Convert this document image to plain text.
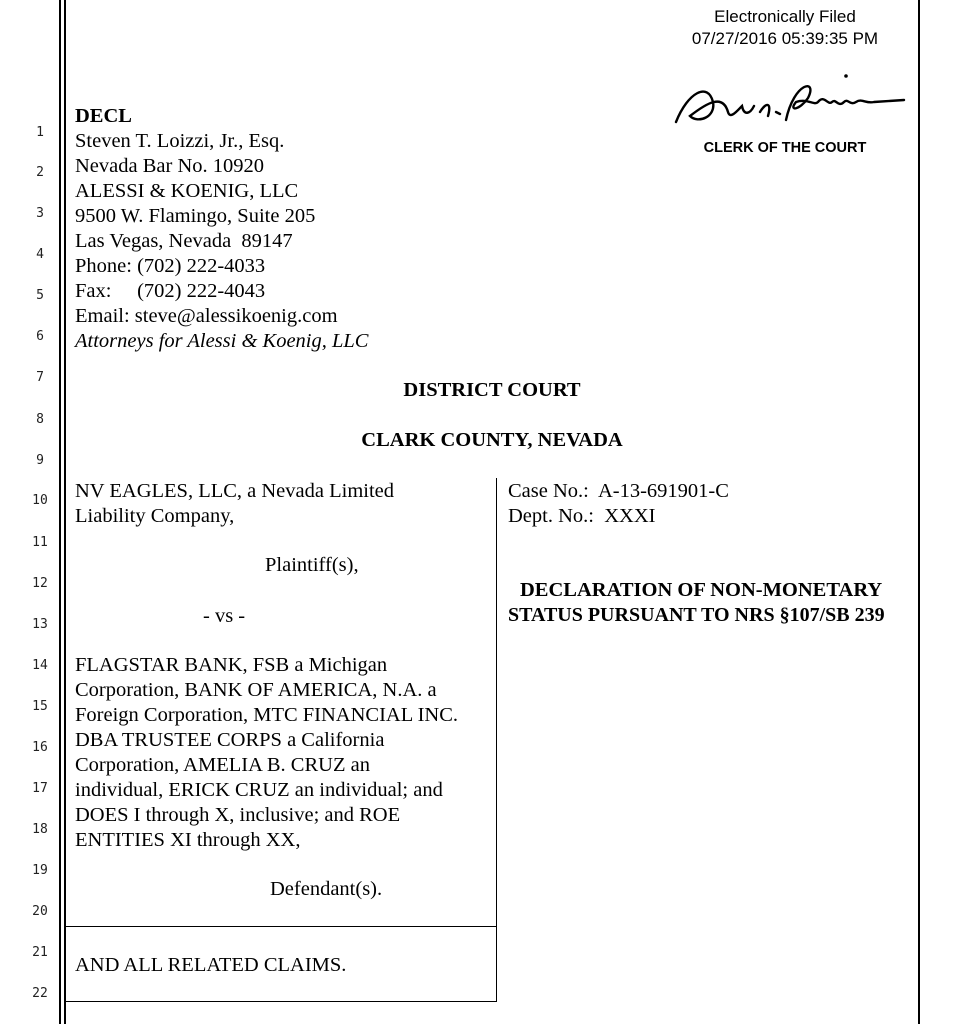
Electronically Filed
07/27/2016 05:39:35 PM
CLERK OF THE COURT
1
2
3
4
5
6
7
8
9
10
11
12
13
14
15
16
17
18
19
20
21
22
DECL
Steven T. Loizzi, Jr., Esq.
Nevada Bar No. 10920
ALESSI & KOENIG, LLC
9500 W. Flamingo, Suite 205
Las Vegas, Nevada  89147
Phone: (702) 222-4033
Fax:     (702) 222-4043
Email: steve@alessikoenig.com
Attorneys for Alessi & Koenig, LLC
DISTRICT COURT
CLARK COUNTY, NEVADA
NV EAGLES, LLC, a Nevada Limited
Liability Company,
Plaintiff(s),
- vs -
FLAGSTAR BANK, FSB a Michigan
Corporation, BANK OF AMERICA, N.A. a
Foreign Corporation, MTC FINANCIAL INC.
DBA TRUSTEE CORPS a California
Corporation, AMELIA B. CRUZ an
individual, ERICK CRUZ an individual; and
DOES I through X, inclusive; and ROE
ENTITIES XI through XX,
Defendant(s).
AND ALL RELATED CLAIMS.
Case No.:  A-13-691901-C
Dept. No.:  XXXI
DECLARATION OF NON-MONETARY
STATUS PURSUANT TO NRS §107/SB 239
